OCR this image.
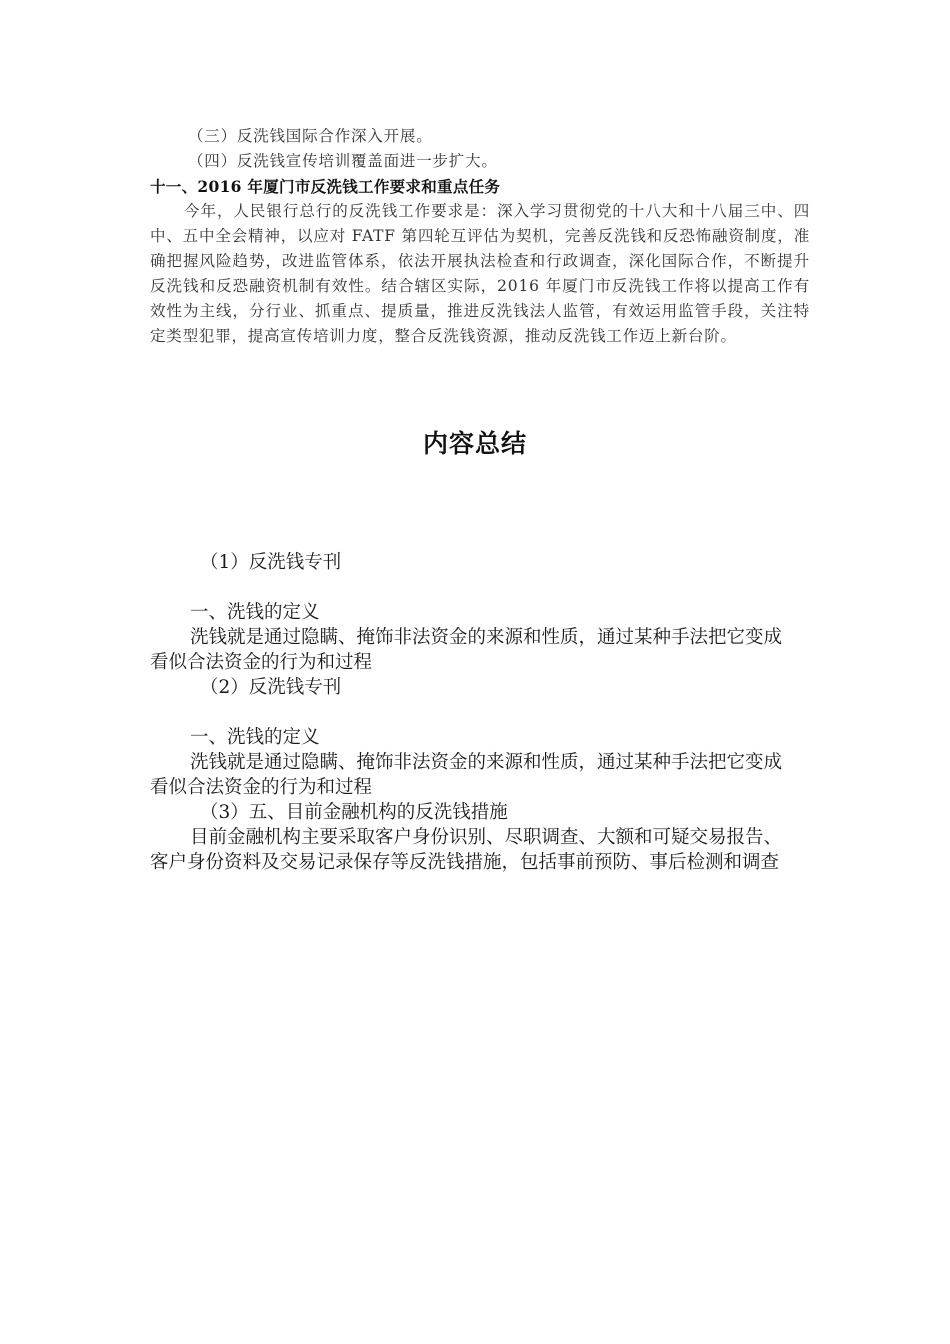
（三）反洗钱国际合作深入开展。

（四）反洗钱宣传培训覆盖面进一步扩大。

十一、2016 年厦门市反洗钱工作要求和重点任务

今年，人民银行总行的反洗钱工作要求是：深入学习贯彻党的十八大和十八届三中、四中、五中全会精神，以应对 FATF 第四轮互评估为契机，完善反洗钱和反恐怖融资制度，准确把握风险趋势，改进监管体系，依法开展执法检查和行政调查，深化国际合作，不断提升反洗钱和反恐融资机制有效性。结合辖区实际，2016 年厦门市反洗钱工作将以提高工作有效性为主线，分行业、抓重点、提质量，推进反洗钱法人监管，有效运用监管手段，关注特定类型犯罪，提高宣传培训力度，整合反洗钱资源，推动反洗钱工作迈上新台阶。

内容总结

（1）反洗钱专刊

一、洗钱的定义

洗钱就是通过隐瞒、掩饰非法资金的来源和性质，通过某种手法把它变成看似合法资金的行为和过程

（2）反洗钱专刊

一、洗钱的定义

洗钱就是通过隐瞒、掩饰非法资金的来源和性质，通过某种手法把它变成看似合法资金的行为和过程

（3）五、目前金融机构的反洗钱措施

目前金融机构主要采取客户身份识别、尽职调查、大额和可疑交易报告、客户身份资料及交易记录保存等反洗钱措施，包括事前预防、事后检测和调查
